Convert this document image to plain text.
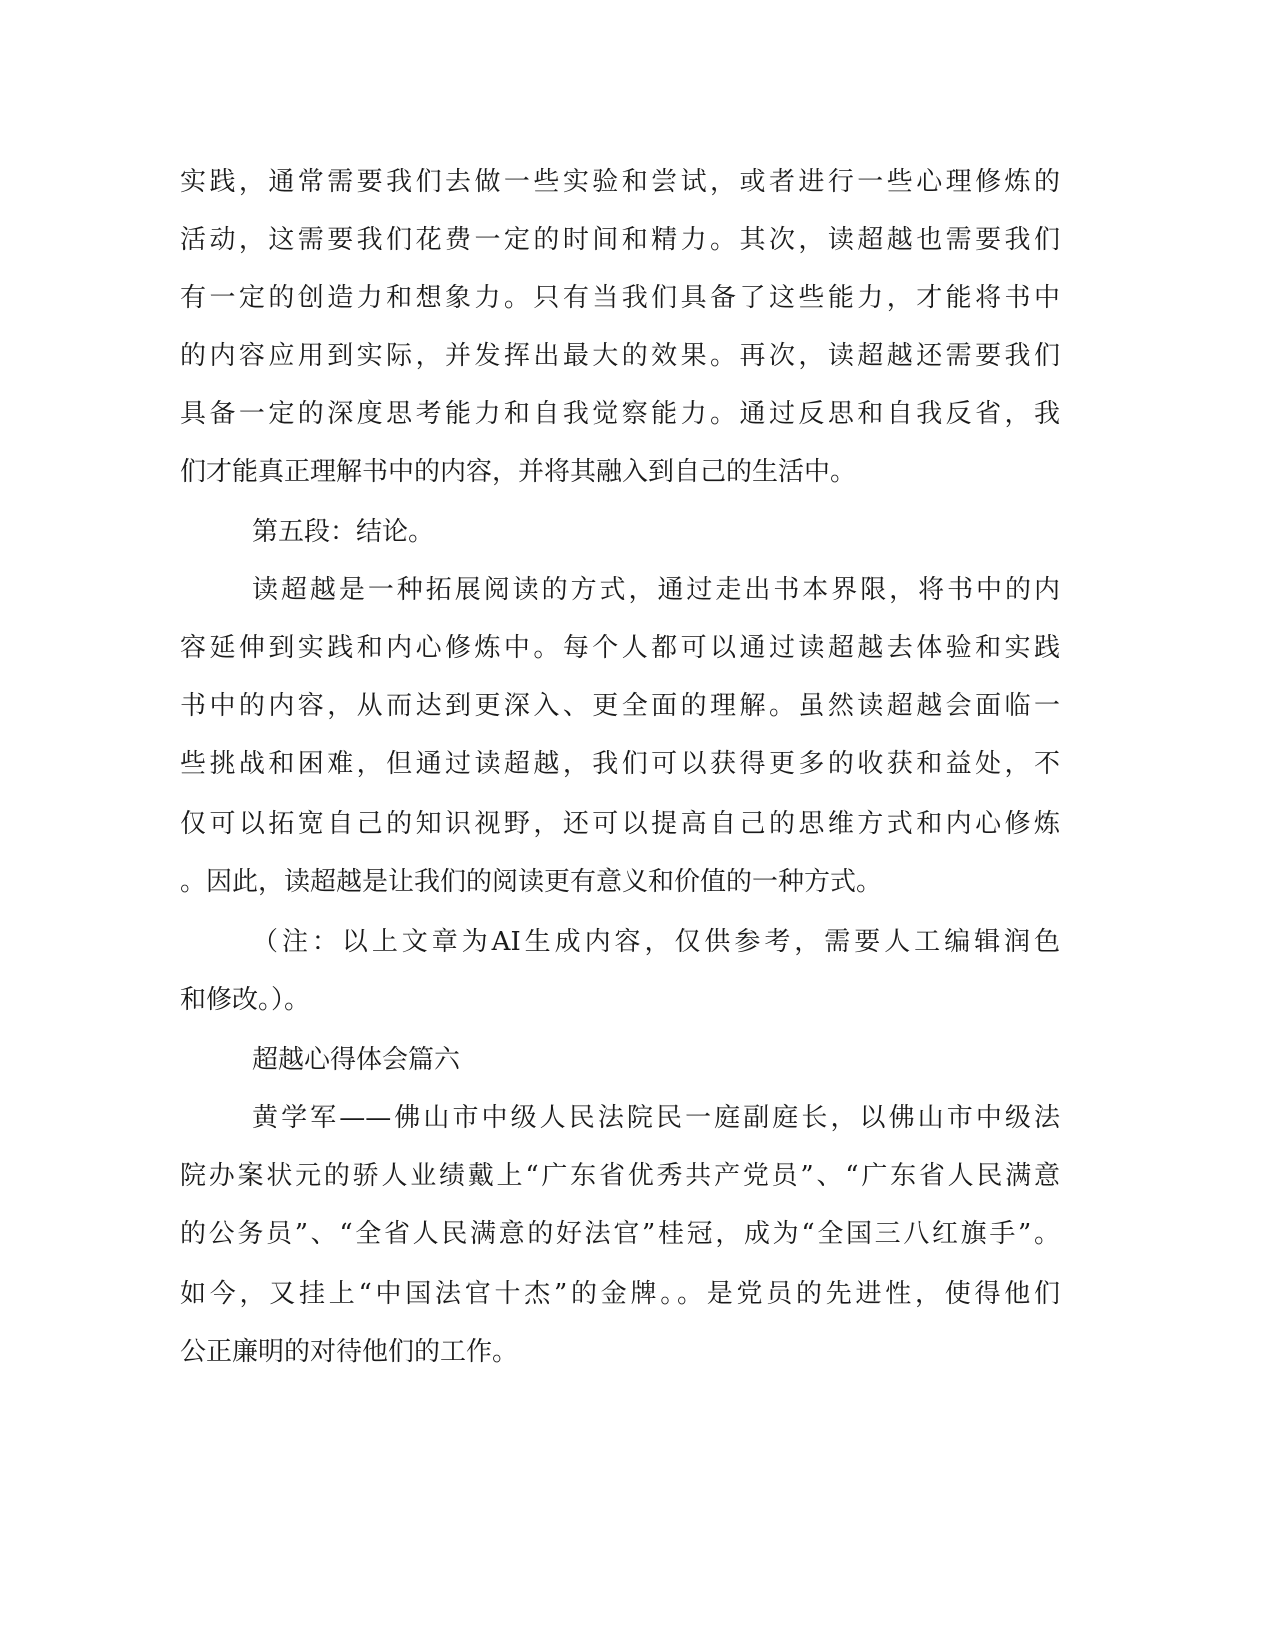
实践，通常需要我们去做一些实验和尝试，或者进行一些心理修炼的
活动，这需要我们花费一定的时间和精力。其次，读超越也需要我们
有一定的创造力和想象力。只有当我们具备了这些能力，才能将书中
的内容应用到实际，并发挥出最大的效果。再次，读超越还需要我们
具备一定的深度思考能力和自我觉察能力。通过反思和自我反省，我
们才能真正理解书中的内容，并将其融入到自己的生活中。
第五段：结论。
读超越是一种拓展阅读的方式，通过走出书本界限，将书中的内
容延伸到实践和内心修炼中。每个人都可以通过读超越去体验和实践
书中的内容，从而达到更深入、更全面的理解。虽然读超越会面临一
些挑战和困难，但通过读超越，我们可以获得更多的收获和益处，不
仅可以拓宽自己的知识视野，还可以提高自己的思维方式和内心修炼
。因此，读超越是让我们的阅读更有意义和价值的一种方式。
（注：以上文章为AI生成内容，仅供参考，需要人工编辑润色
和修改。）。
超越心得体会篇六
黄学军——佛山市中级人民法院民一庭副庭长，以佛山市中级法
院办案状元的骄人业绩戴上“广东省优秀共产党员”、“广东省人民满意
的公务员”、“全省人民满意的好法官”桂冠，成为“全国三八红旗手”。
如今，又挂上“中国法官十杰”的金牌。。是党员的先进性，使得他们
公正廉明的对待他们的工作。
